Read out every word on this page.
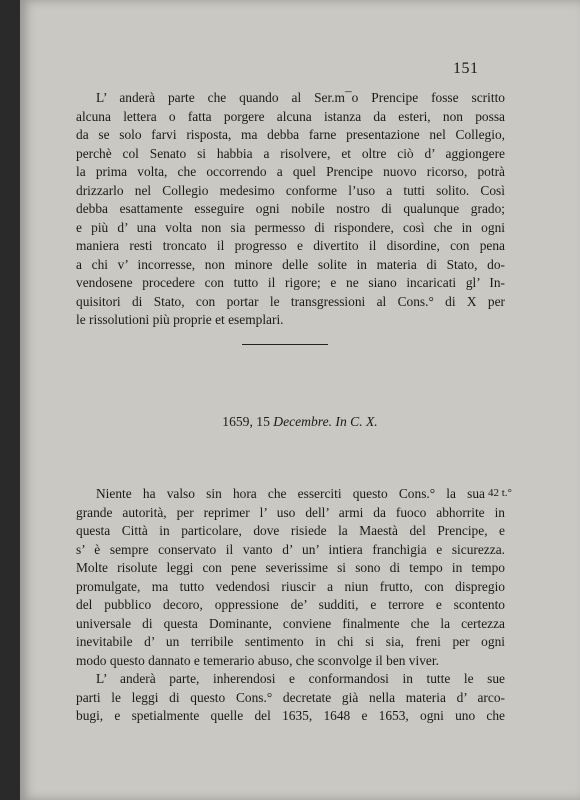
151
L’ anderà parte che quando al Ser.m¯o Prencipe fosse scritto
alcuna lettera o fatta porgere alcuna istanza da esteri, non possa
da se solo farvi risposta, ma debba farne presentazione nel Collegio,
perchè col Senato si habbia a risolvere, et oltre ciò d’ aggiongere
la prima volta, che occorrendo a quel Prencipe nuovo ricorso, potrà
drizzarlo nel Collegio medesimo conforme l’uso a tutti solito. Così
debba esattamente esseguire ogni nobile nostro di qualunque grado;
e più d’ una volta non sia permesso di rispondere, così che in ogni
maniera resti troncato il progresso e divertito il disordine, con pena
a chi v’ incorresse, non minore delle solite in materia di Stato, do-
vendosene procedere con tutto il rigore; e ne siano incaricati gl’ In-
quisitori di Stato, con portar le transgressioni al Cons.° di X per
le rissolutioni più proprie et esemplari.
1659, 15 Decembre. In C. X.
42 t.°
Niente ha valso sin hora che esserciti questo Cons.° la sua
grande autorità, per reprimer l’ uso dell’ armi da fuoco abhorrite in
questa Città in particolare, dove risiede la Maestà del Prencipe, e
s’ è sempre conservato il vanto d’ un’ intiera franchigia e sicurezza.
Molte risolute leggi con pene severissime si sono di tempo in tempo
promulgate, ma tutto vedendosi riuscir a niun frutto, con dispregio
del pubblico decoro, oppressione de’ sudditi, e terrore e scontento
universale di questa Dominante, conviene finalmente che la certezza
inevitabile d’ un terribile sentimento in chi si sia, freni per ogni
modo questo dannato e temerario abuso, che sconvolge il ben viver.
L’ anderà parte, inherendosi e conformandosi in tutte le sue
parti le leggi di questo Cons.° decretate già nella materia d’ arco-
bugi, e spetialmente quelle del 1635, 1648 e 1653, ogni uno che
